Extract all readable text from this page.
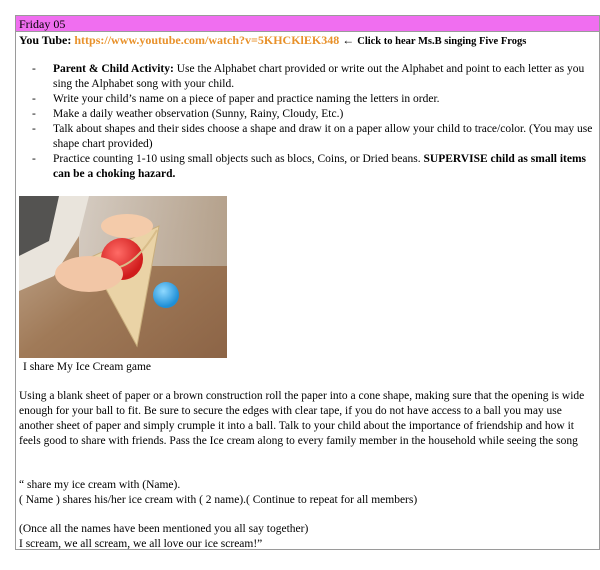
Friday 05
You Tube: https://www.youtube.com/watch?v=5KHCKlEK348 ← Click to hear Ms.B singing Five Frogs
- Parent & Child Activity: Use the Alphabet chart provided or write out the Alphabet and point to each letter as you sing the Alphabet song with your child.
- Write your child’s name on a piece of paper and practice naming the letters in order.
- Make a daily weather observation (Sunny, Rainy, Cloudy, Etc.)
- Talk about shapes and their sides choose a shape and draw it on a paper allow your child to trace/color. (You may use shape chart provided)
- Practice counting 1-10 using small objects such as blocs, Coins, or Dried beans. SUPERVISE child as small items can be a choking hazard.
I share My Ice Cream game

Using a blank sheet of paper or a brown construction roll the paper into a cone shape, making sure that the opening is wide enough for your ball to fit. Be sure to secure the edges with clear tape, if you do not have access to a ball you may use another sheet of paper and simply crumple it into a ball. Talk to your child about the importance of friendship and how it feels good to share with friends. Pass the Ice cream along to every family member in the household while seeing the song

“ share my ice cream with (Name).
( Name ) shares his/her ice cream with ( 2 name).( Continue to repeat for all members)
(Once all the names have been mentioned you all say together)
I scream, we all scream, we all love our ice scream!”
